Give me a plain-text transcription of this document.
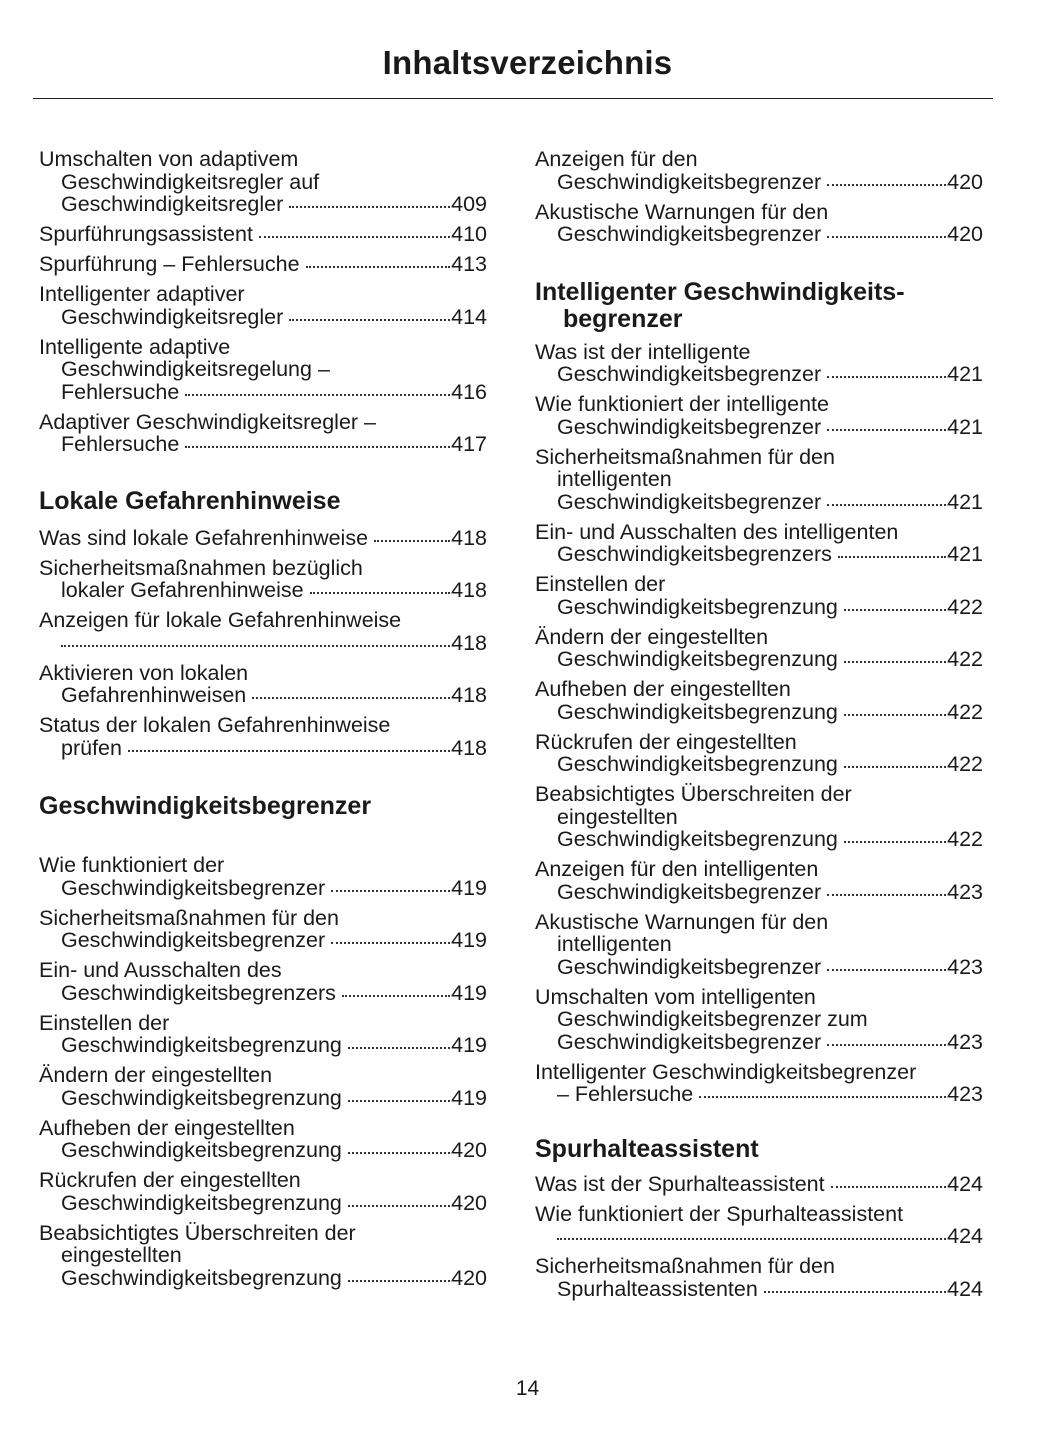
Inhaltsverzeichnis
Umschalten von adaptivem
Geschwindigkeitsregler auf
Geschwindigkeitsregler	409
Spurführungsassistent	410
Spurführung – Fehlersuche	413
Intelligenter adaptiver
Geschwindigkeitsregler	414
Intelligente adaptive
Geschwindigkeitsregelung –
Fehlersuche	416
Adaptiver Geschwindigkeitsregler –
Fehlersuche	417
Lokale Gefahrenhinweise
Was sind lokale Gefahrenhinweise	418
Sicherheitsmaßnahmen bezüglich
lokaler Gefahrenhinweise	418
Anzeigen für lokale Gefahrenhinweise
418
Aktivieren von lokalen
Gefahrenhinweisen	418
Status der lokalen Gefahrenhinweise
prüfen	418
Geschwindigkeitsbegrenzer
Wie funktioniert der
Geschwindigkeitsbegrenzer	419
Sicherheitsmaßnahmen für den
Geschwindigkeitsbegrenzer	419
Ein- und Ausschalten des
Geschwindigkeitsbegrenzers	419
Einstellen der
Geschwindigkeitsbegrenzung	419
Ändern der eingestellten
Geschwindigkeitsbegrenzung	419
Aufheben der eingestellten
Geschwindigkeitsbegrenzung	420
Rückrufen der eingestellten
Geschwindigkeitsbegrenzung	420
Beabsichtigtes Überschreiten der
eingestellten
Geschwindigkeitsbegrenzung	420
Anzeigen für den
Geschwindigkeitsbegrenzer	420
Akustische Warnungen für den
Geschwindigkeitsbegrenzer	420
Intelligenter Geschwindigkeits-
begrenzer
Was ist der intelligente
Geschwindigkeitsbegrenzer	421
Wie funktioniert der intelligente
Geschwindigkeitsbegrenzer	421
Sicherheitsmaßnahmen für den
intelligenten
Geschwindigkeitsbegrenzer	421
Ein- und Ausschalten des intelligenten
Geschwindigkeitsbegrenzers	421
Einstellen der
Geschwindigkeitsbegrenzung	422
Ändern der eingestellten
Geschwindigkeitsbegrenzung	422
Aufheben der eingestellten
Geschwindigkeitsbegrenzung	422
Rückrufen der eingestellten
Geschwindigkeitsbegrenzung	422
Beabsichtigtes Überschreiten der
eingestellten
Geschwindigkeitsbegrenzung	422
Anzeigen für den intelligenten
Geschwindigkeitsbegrenzer	423
Akustische Warnungen für den
intelligenten
Geschwindigkeitsbegrenzer	423
Umschalten vom intelligenten
Geschwindigkeitsbegrenzer zum
Geschwindigkeitsbegrenzer	423
Intelligenter Geschwindigkeitsbegrenzer
– Fehlersuche	423
Spurhalteassistent
Was ist der Spurhalteassistent	424
Wie funktioniert der Spurhalteassistent
424
Sicherheitsmaßnahmen für den
Spurhalteassistenten	424
14
